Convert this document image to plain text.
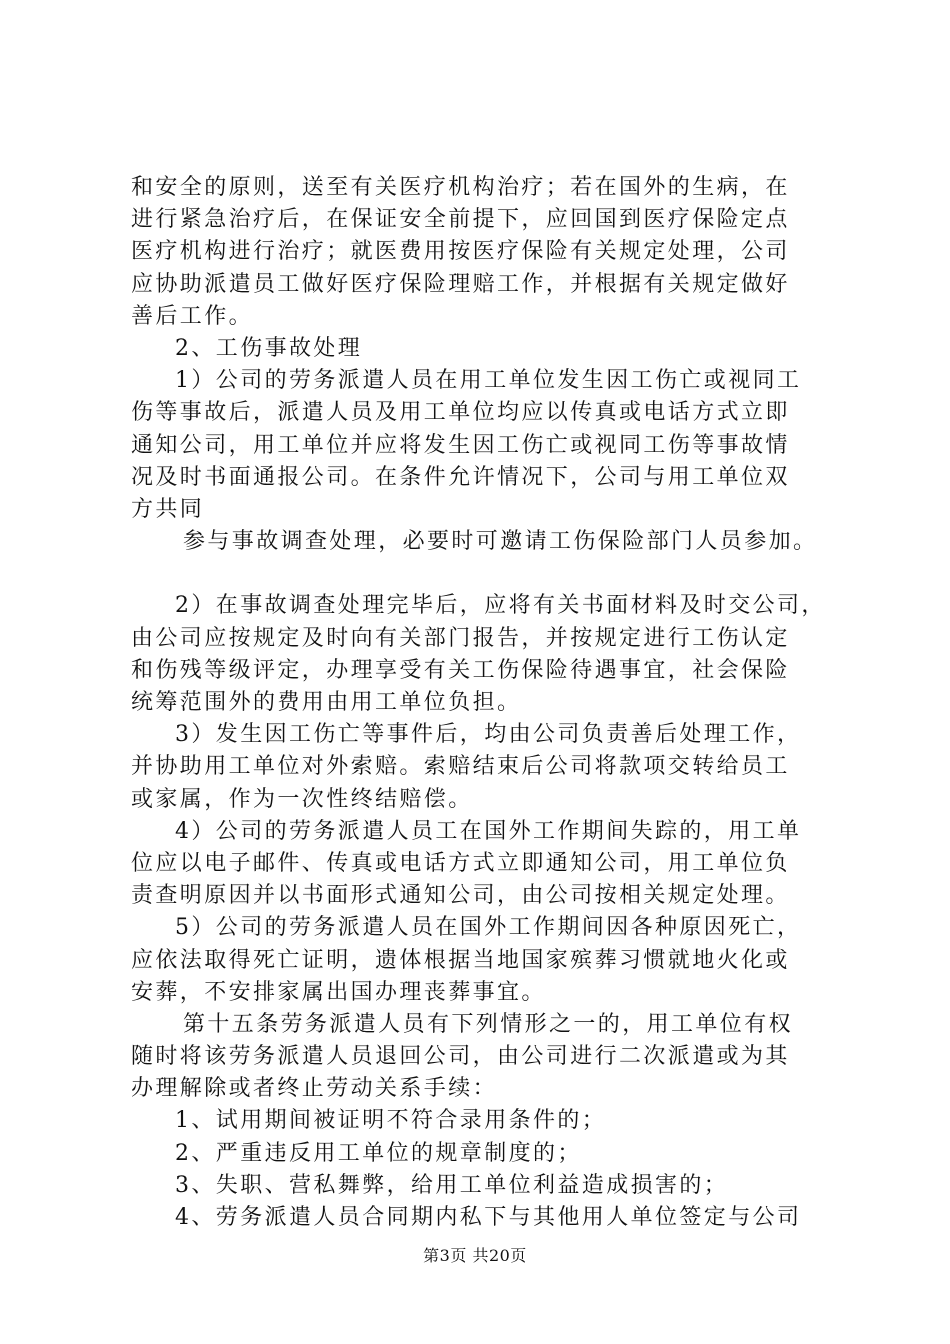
和安全的原则，送至有关医疗机构治疗；若在国外的生病，在
进行紧急治疗后，在保证安全前提下，应回国到医疗保险定点
医疗机构进行治疗；就医费用按医疗保险有关规定处理，公司
应协助派遣员工做好医疗保险理赔工作，并根据有关规定做好
善后工作。
2、工伤事故处理
1）公司的劳务派遣人员在用工单位发生因工伤亡或视同工
伤等事故后，派遣人员及用工单位均应以传真或电话方式立即
通知公司，用工单位并应将发生因工伤亡或视同工伤等事故情
况及时书面通报公司。在条件允许情况下，公司与用工单位双
方共同
参与事故调查处理，必要时可邀请工伤保险部门人员参加。
2）在事故调查处理完毕后，应将有关书面材料及时交公司，
由公司应按规定及时向有关部门报告，并按规定进行工伤认定
和伤残等级评定，办理享受有关工伤保险待遇事宜，社会保险
统筹范围外的费用由用工单位负担。
3）发生因工伤亡等事件后，均由公司负责善后处理工作，
并协助用工单位对外索赔。索赔结束后公司将款项交转给员工
或家属，作为一次性终结赔偿。
4）公司的劳务派遣人员工在国外工作期间失踪的，用工单
位应以电子邮件、传真或电话方式立即通知公司，用工单位负
责查明原因并以书面形式通知公司，由公司按相关规定处理。
5）公司的劳务派遣人员在国外工作期间因各种原因死亡，
应依法取得死亡证明，遗体根据当地国家殡葬习惯就地火化或
安葬，不安排家属出国办理丧葬事宜。
第十五条劳务派遣人员有下列情形之一的，用工单位有权
随时将该劳务派遣人员退回公司，由公司进行二次派遣或为其
办理解除或者终止劳动关系手续：
1、试用期间被证明不符合录用条件的；
2、严重违反用工单位的规章制度的；
3、失职、营私舞弊，给用工单位利益造成损害的；
4、劳务派遣人员合同期内私下与其他用人单位签定与公司
第3页 共20页
